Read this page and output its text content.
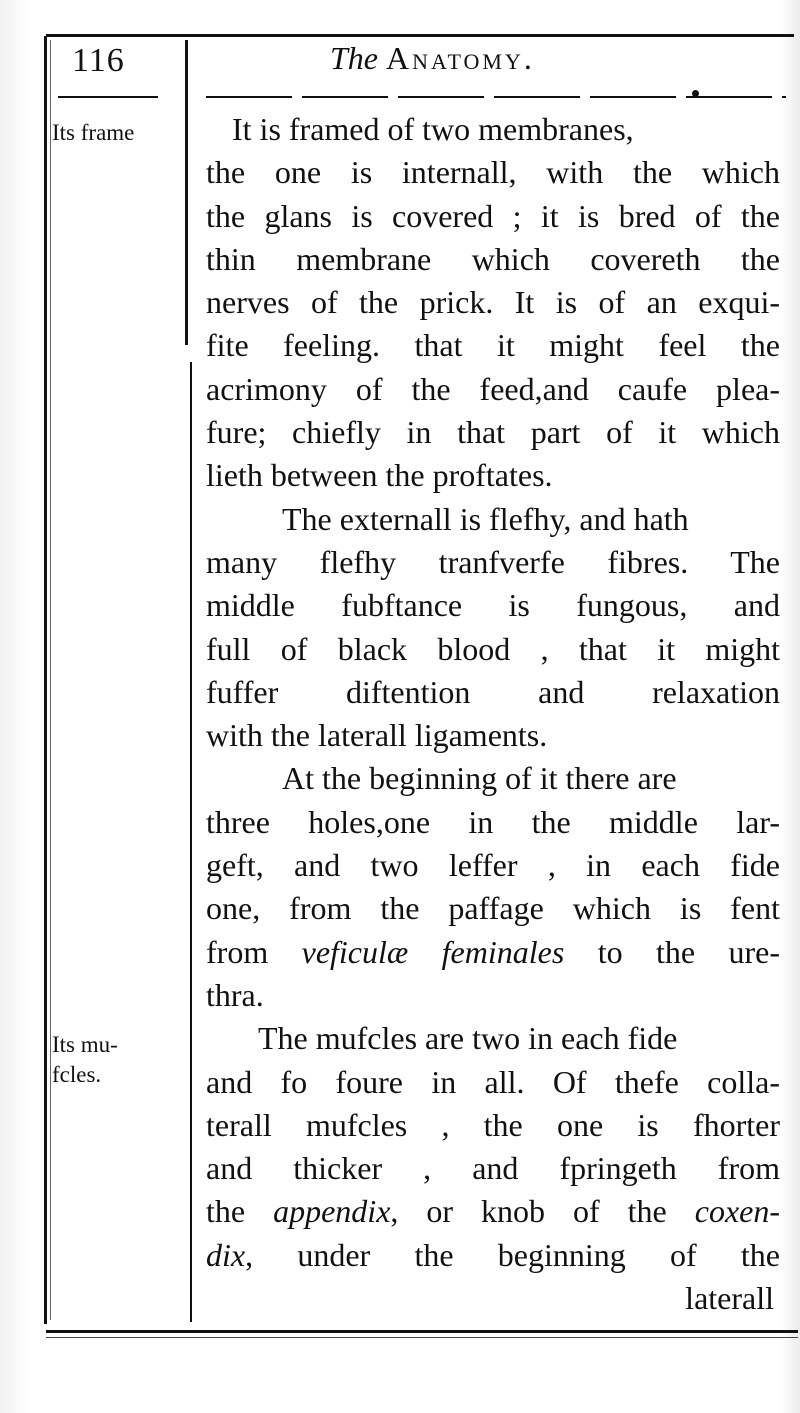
116	The Anatomy.
Its frame
Its mu-
fcles.
It is framed of two membranes,
the one is internall, with the which
the glans is covered ; it is bred of the
thin membrane which covereth the
nerves of the prick. It is of an exqui-
fite feeling. that it might feel the
acrimony of the feed,and caufe plea-
fure; chiefly in that part of it which
lieth between the proftates.
The externall is flefhy, and hath
many flefhy tranfverfe fibres. The
middle fubftance is fungous, and
full of black blood , that it might
fuffer diftention and relaxation
with the laterall ligaments.
At the beginning of it there are
three holes,one in the middle lar-
geft, and two leffer , in each fide
one, from the paffage which is fent
from veficulæ feminales to the ure-
thra.
The mufcles are two in each fide
and fo foure in all. Of thefe colla-
terall mufcles , the one is fhorter
and thicker , and fpringeth from
the appendix, or knob of the coxen-
dix, under the beginning of the
laterall
